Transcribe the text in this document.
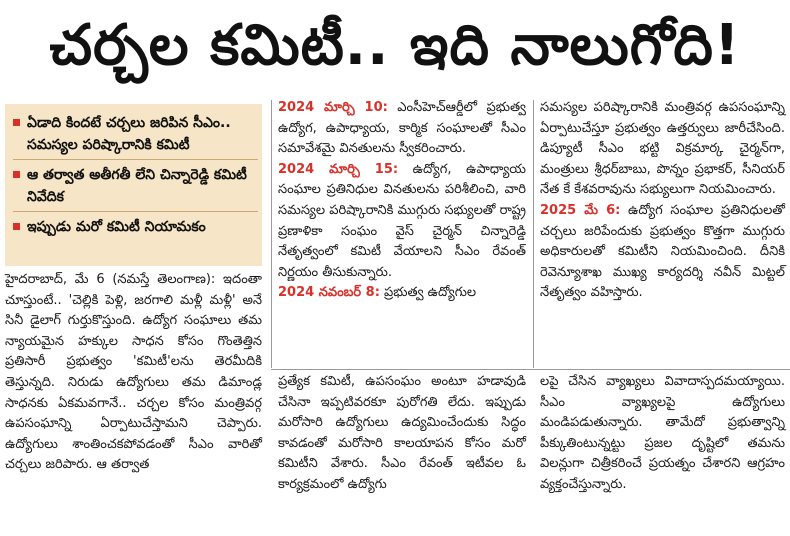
చర్చల కమిటీ.. ఇది నాలుగోది!
ఏడాది కిందటే చర్చలు జరిపిన సీఎం.. సమస్యల పరిష్కారానికి కమిటీ
ఆ తర్వాత అతీగతీ లేని చిన్నారెడ్డి కమిటీ నివేదిక
ఇప్పుడు మరో కమిటీ నియామకం

హైదరాబాద్‌, మే 6 (నమస్తే తెలంగాణ): ఇదంతా చూస్తుంటే.. 'చెల్లికి పెళ్లి, జరగాలి మళ్లీ మళ్లీ' అనే సినీ డైలాగ్‌ గుర్తుకొస్తుంది. ఉద్యోగ సంఘాలు తమ న్యాయమైన హక్కుల సాధన కోసం గొంతెత్తిన ప్రతిసారీ ప్రభుత్వం 'కమిటీ'లను తెరమీదికి తెస్తున్నది. నిరుడు ఉద్యోగులు తమ డిమాండ్ల సాధనకు ఏకమవగానే.. చర్చల కోసం మంత్రివర్గ ఉపసంఘాన్ని ఏర్పాటుచేస్తామని చెప్పారు. ఉద్యోగులు శాంతించకపోవడంతో సీఎం వారితో చర్చలు జరిపారు. ఆ తర్వాత

2024 మార్చి 10: ఎంసీహెచ్‌ఆర్డీలో ప్రభుత్వ ఉద్యోగ, ఉపాధ్యాయ, కార్మిక సంఘాలతో సీఎం సమావేశమై వినతులను స్వీకరించారు.

2024 మార్చి 15: ఉద్యోగ, ఉపాధ్యాయ సంఘాల ప్రతినిధుల వినతులను పరిశీలించి, వారి సమస్యల పరిష్కారానికి ముగ్గురు సభ్యులతో రాష్ట్ర ప్రణాళికా సంఘం వైస్‌ చైర్మన్‌ చిన్నారెడ్డి నేతృత్వంలో కమిటీ వేయాలని సీఎం రేవంత్‌ నిర్ణయం తీసుకున్నారు.

2024 నవంబర్‌ 8: ప్రభుత్వ ఉద్యోగుల

సమస్యల పరిష్కారానికి మంత్రివర్గ ఉపసంఘాన్ని ఏర్పాటుచేస్తూ ప్రభుత్వం ఉత్తర్వులు జారీచేసింది. డిప్యూటీ సీఎం భట్టి విక్రమార్క చైర్మన్‌గా, మంత్రులు శ్రీధర్‌బాబు, పొన్నం ప్రభాకర్‌, సీనియర్‌ నేత కే కేశవరావును సభ్యులుగా నియమించారు.

2025 మే 6: ఉద్యోగ సంఘాల ప్రతినిధులతో చర్చలు జరిపేందుకు ప్రభుత్వం కొత్తగా ముగ్గురు అధికారులతో కమిటీని నియమించింది. దీనికి రెవెన్యూశాఖ ముఖ్య కార్యదర్శి నవీన్‌ మిట్టల్‌ నేతృత్వం వహిస్తారు.

ప్రత్యేక కమిటీ, ఉపసంఘం అంటూ హడావుడి చేసినా ఇప్పటివరకూ పురోగతి లేదు. ఇప్పుడు మరోసారి ఉద్యోగులు ఉద్యమించేందుకు సిద్ధం కావడంతో మరోసారి కాలయాపన కోసం మరో కమిటీని వేశారు. సీఎం రేవంత్‌ ఇటీవల ఓ కార్యక్రమంలో ఉద్యోగు

లపై చేసిన వ్యాఖ్యలు వివాదాస్పదమయ్యాయి. సీఎం వ్యాఖ్యలపై ఉద్యోగులు మండిపడుతున్నారు. తామేదో ప్రభుత్వాన్ని పీక్కుతింటున్నట్టు ప్రజల దృష్టిలో తమను విలన్లుగా చిత్రీకరించే ప్రయత్నం చేశారని ఆగ్రహం వ్యక్తంచేస్తున్నారు.
